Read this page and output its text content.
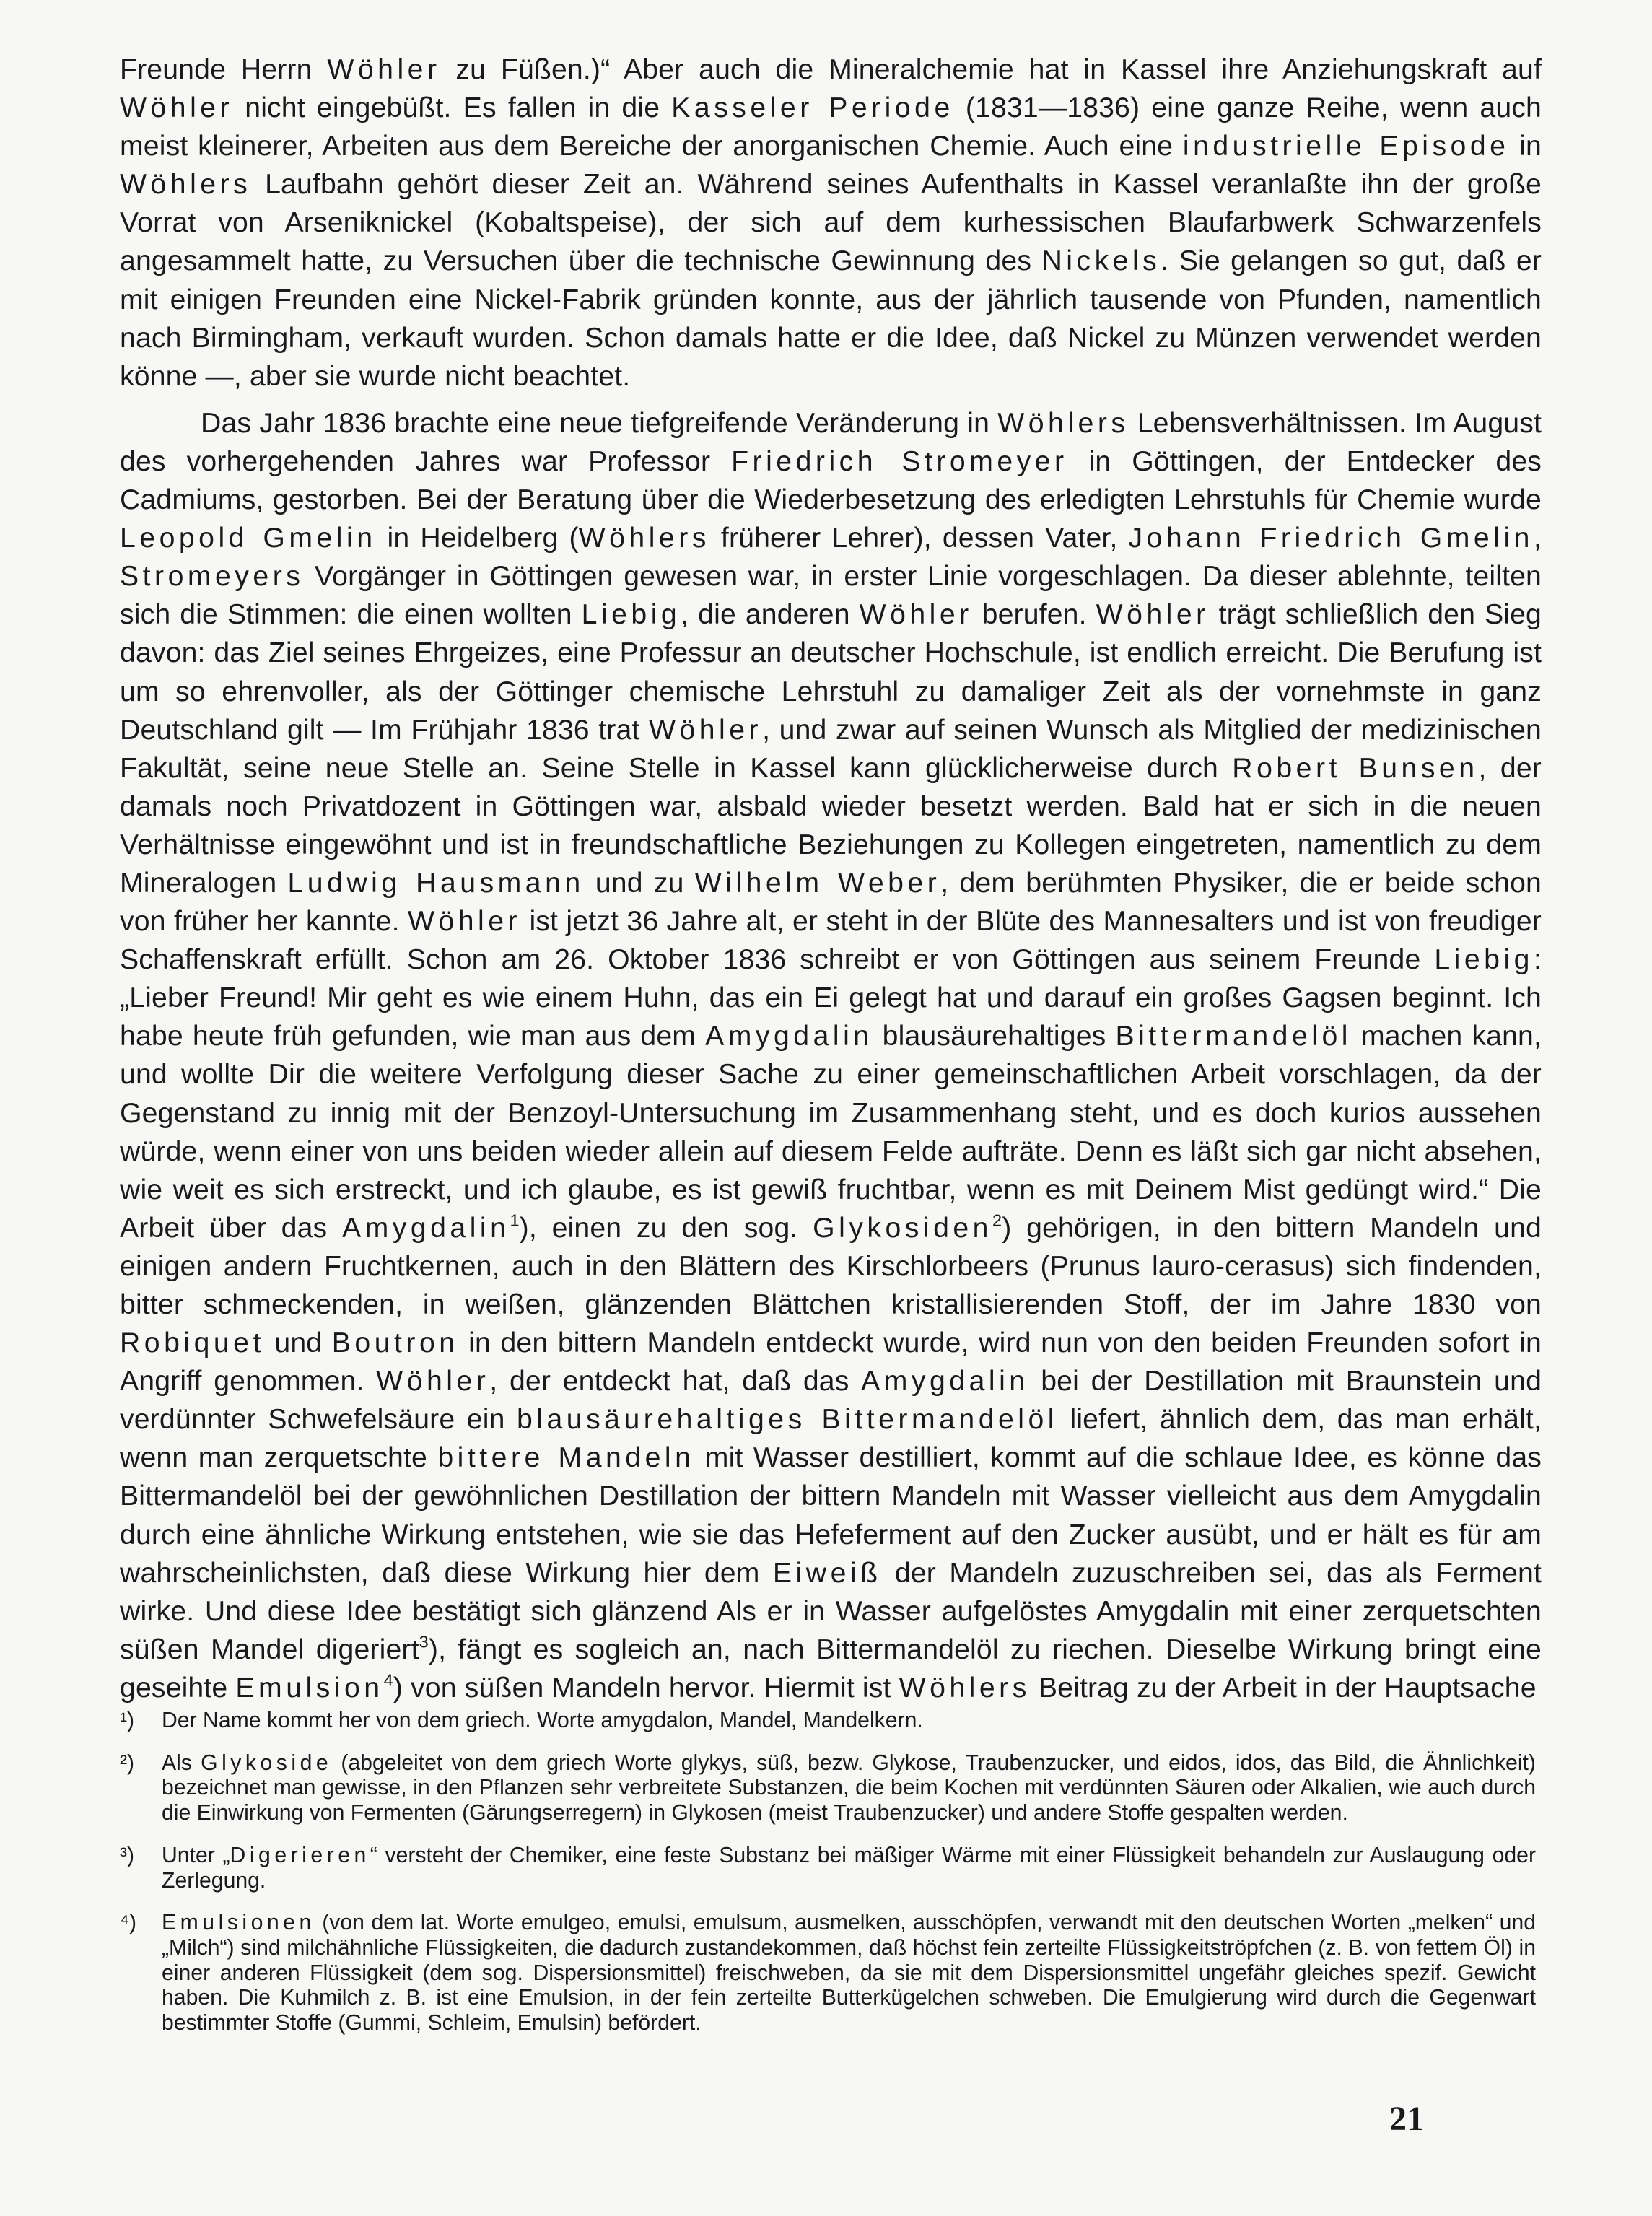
Freunde Herrn Wöhler zu Füßen.)“ Aber auch die Mineralchemie hat in Kassel ihre Anziehungskraft auf Wöhler nicht eingebüßt. Es fallen in die Kasseler Periode (1831—1836) eine ganze Reihe, wenn auch meist kleinerer, Arbeiten aus dem Bereiche der anorganischen Chemie. Auch eine industrielle Episode in Wöhlers Laufbahn gehört dieser Zeit an. Während seines Aufenthalts in Kassel veranlaßte ihn der große Vorrat von Arseniknickel (Kobaltspeise), der sich auf dem kurhessischen Blaufarbwerk Schwarzenfels angesammelt hatte, zu Versuchen über die technische Gewinnung des Nickels. Sie gelangen so gut, daß er mit einigen Freunden eine Nickel-Fabrik gründen konnte, aus der jährlich tausende von Pfunden, namentlich nach Birmingham, verkauft wurden. Schon damals hatte er die Idee, daß Nickel zu Münzen verwendet werden könne —, aber sie wurde nicht beachtet.

Das Jahr 1836 brachte eine neue tiefgreifende Veränderung in Wöhlers Lebensverhältnissen. Im August des vorhergehenden Jahres war Professor Friedrich Stromeyer in Göttingen, der Entdecker des Cadmiums, gestorben. Bei der Beratung über die Wiederbesetzung des erledigten Lehrstuhls für Chemie wurde Leopold Gmelin in Heidelberg (Wöhlers früherer Lehrer), dessen Vater, Johann Friedrich Gmelin, Stromeyers Vorgänger in Göttingen gewesen war, in erster Linie vorgeschlagen. Da dieser ablehnte, teilten sich die Stimmen: die einen wollten Liebig, die anderen Wöhler berufen. Wöhler trägt schließlich den Sieg davon: das Ziel seines Ehrgeizes, eine Professur an deutscher Hochschule, ist endlich erreicht. Die Berufung ist um so ehrenvoller, als der Göttinger chemische Lehrstuhl zu damaliger Zeit als der vornehmste in ganz Deutschland gilt — Im Frühjahr 1836 trat Wöhler, und zwar auf seinen Wunsch als Mitglied der medizinischen Fakultät, seine neue Stelle an. Seine Stelle in Kassel kann glücklicherweise durch Robert Bunsen, der damals noch Privatdozent in Göttingen war, alsbald wieder besetzt werden. Bald hat er sich in die neuen Verhältnisse eingewöhnt und ist in freundschaftliche Beziehungen zu Kollegen eingetreten, namentlich zu dem Mineralogen Ludwig Hausmann und zu Wilhelm Weber, dem berühmten Physiker, die er beide schon von früher her kannte. Wöhler ist jetzt 36 Jahre alt, er steht in der Blüte des Mannesalters und ist von freudiger Schaffenskraft erfüllt. Schon am 26. Oktober 1836 schreibt er von Göttingen aus seinem Freunde Liebig: „Lieber Freund! Mir geht es wie einem Huhn, das ein Ei gelegt hat und darauf ein großes Gagsen beginnt. Ich habe heute früh gefunden, wie man aus dem Amygdalin blausäurehaltiges Bittermandelöl machen kann, und wollte Dir die weitere Verfolgung dieser Sache zu einer gemeinschaftlichen Arbeit vorschlagen, da der Gegenstand zu innig mit der Benzoyl-Untersuchung im Zusammenhang steht, und es doch kurios aussehen würde, wenn einer von uns beiden wieder allein auf diesem Felde aufträte. Denn es läßt sich gar nicht absehen, wie weit es sich erstreckt, und ich glaube, es ist gewiß fruchtbar, wenn es mit Deinem Mist gedüngt wird.“ Die Arbeit über das Amygdalin$^1$), einen zu den sog. Glykosiden$^2$) gehörigen, in den bittern Mandeln und einigen andern Fruchtkernen, auch in den Blättern des Kirschlorbeers (Prunus lauro-cerasus) sich findenden, bitter schmeckenden, in weißen, glänzenden Blättchen kristallisierenden Stoff, der im Jahre 1830 von Robiquet und Boutron in den bittern Mandeln entdeckt wurde, wird nun von den beiden Freunden sofort in Angriff genommen. Wöhler, der entdeckt hat, daß das Amygdalin bei der Destillation mit Braunstein und verdünnter Schwefelsäure ein blausäurehaltiges Bittermandelöl liefert, ähnlich dem, das man erhält, wenn man zerquetschte bittere Mandeln mit Wasser destilliert, kommt auf die schlaue Idee, es könne das Bittermandelöl bei der gewöhnlichen Destillation der bittern Mandeln mit Wasser vielleicht aus dem Amygdalin durch eine ähnliche Wirkung entstehen, wie sie das Hefeferment auf den Zucker ausübt, und er hält es für am wahrscheinlichsten, daß diese Wirkung hier dem Eiweiß der Mandeln zuzuschreiben sei, das als Ferment wirke. Und diese Idee bestätigt sich glänzend Als er in Wasser aufgelöstes Amygdalin mit einer zerquetschten süßen Mandel digeriert$^3$), fängt es sogleich an, nach Bittermandelöl zu riechen. Dieselbe Wirkung bringt eine geseihte Emulsion$^4$) von süßen Mandeln hervor. Hiermit ist Wöhlers Beitrag zu der Arbeit in der Hauptsache

¹) Der Name kommt her von dem griech. Worte amygdalon, Mandel, Mandelkern.

²) Als Glykoside (abgeleitet von dem griech Worte glykys, süß, bezw. Glykose, Traubenzucker, und eidos, idos, das Bild, die Ähnlichkeit) bezeichnet man gewisse, in den Pflanzen sehr verbreitete Substanzen, die beim Kochen mit verdünnten Säuren oder Alkalien, wie auch durch die Einwirkung von Fermenten (Gärungserregern) in Glykosen (meist Traubenzucker) und andere Stoffe gespalten werden.

³) Unter „Digerieren“ versteht der Chemiker, eine feste Substanz bei mäßiger Wärme mit einer Flüssigkeit behandeln zur Auslaugung oder Zerlegung.

⁴) Emulsionen (von dem lat. Worte emulgeo, emulsi, emulsum, ausmelken, ausschöpfen, verwandt mit den deutschen Worten „melken“ und „Milch“) sind milchähnliche Flüssigkeiten, die dadurch zustandekommen, daß höchst fein zerteilte Flüssigkeitströpfchen (z. B. von fettem Öl) in einer anderen Flüssigkeit (dem sog. Dispersionsmittel) freischweben, da sie mit dem Dispersionsmittel ungefähr gleiches spezif. Gewicht haben. Die Kuhmilch z. B. ist eine Emulsion, in der fein zerteilte Butterkügelchen schweben. Die Emulgierung wird durch die Gegenwart bestimmter Stoffe (Gummi, Schleim, Emulsin) befördert.

21
